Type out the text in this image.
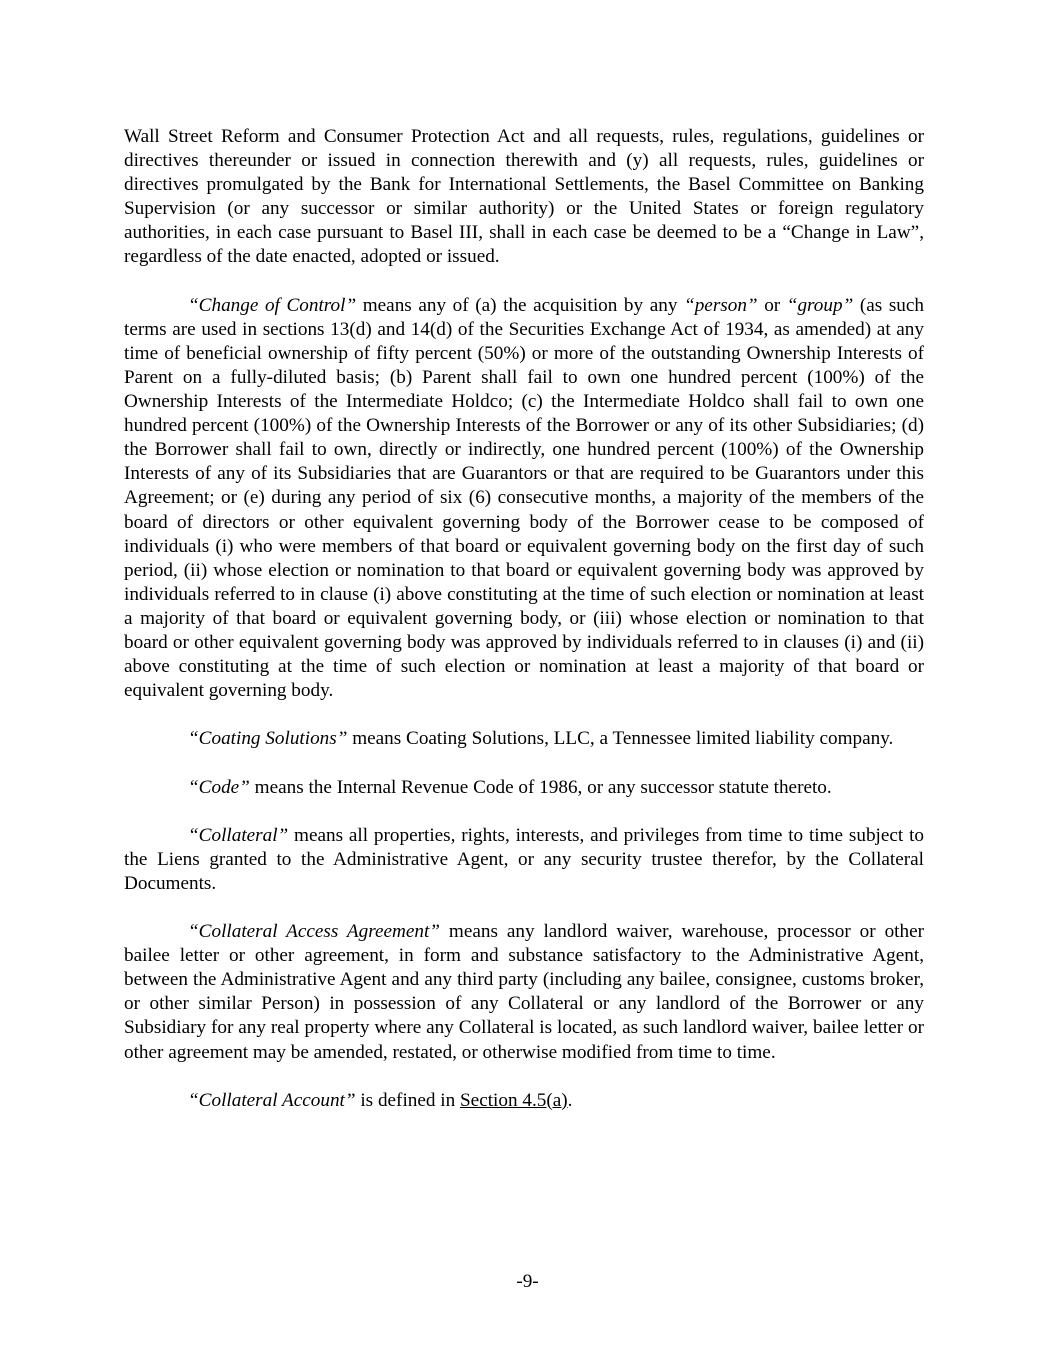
Wall Street Reform and Consumer Protection Act and all requests, rules, regulations, guidelines or directives thereunder or issued in connection therewith and (y) all requests, rules, guidelines or directives promulgated by the Bank for International Settlements, the Basel Committee on Banking Supervision (or any successor or similar authority) or the United States or foreign regulatory authorities, in each case pursuant to Basel III, shall in each case be deemed to be a “Change in Law”, regardless of the date enacted, adopted or issued.

“Change of Control” means any of (a) the acquisition by any “person” or “group” (as such terms are used in sections 13(d) and 14(d) of the Securities Exchange Act of 1934, as amended) at any time of beneficial ownership of fifty percent (50%) or more of the outstanding Ownership Interests of Parent on a fully-diluted basis; (b) Parent shall fail to own one hundred percent (100%) of the Ownership Interests of the Intermediate Holdco; (c) the Intermediate Holdco shall fail to own one hundred percent (100%) of the Ownership Interests of the Borrower or any of its other Subsidiaries; (d) the Borrower shall fail to own, directly or indirectly, one hundred percent (100%) of the Ownership Interests of any of its Subsidiaries that are Guarantors or that are required to be Guarantors under this Agreement; or (e) during any period of six (6) consecutive months, a majority of the members of the board of directors or other equivalent governing body of the Borrower cease to be composed of individuals (i) who were members of that board or equivalent governing body on the first day of such period, (ii) whose election or nomination to that board or equivalent governing body was approved by individuals referred to in clause (i) above constituting at the time of such election or nomination at least a majority of that board or equivalent governing body, or (iii) whose election or nomination to that board or other equivalent governing body was approved by individuals referred to in clauses (i) and (ii) above constituting at the time of such election or nomination at least a majority of that board or equivalent governing body.

“Coating Solutions” means Coating Solutions, LLC, a Tennessee limited liability company.

“Code” means the Internal Revenue Code of 1986, or any successor statute thereto.

“Collateral” means all properties, rights, interests, and privileges from time to time subject to the Liens granted to the Administrative Agent, or any security trustee therefor, by the Collateral Documents.

“Collateral Access Agreement” means any landlord waiver, warehouse, processor or other bailee letter or other agreement, in form and substance satisfactory to the Administrative Agent, between the Administrative Agent and any third party (including any bailee, consignee, customs broker, or other similar Person) in possession of any Collateral or any landlord of the Borrower or any Subsidiary for any real property where any Collateral is located, as such landlord waiver, bailee letter or other agreement may be amended, restated, or otherwise modified from time to time.

“Collateral Account” is defined in Section 4.5(a).

-9-
